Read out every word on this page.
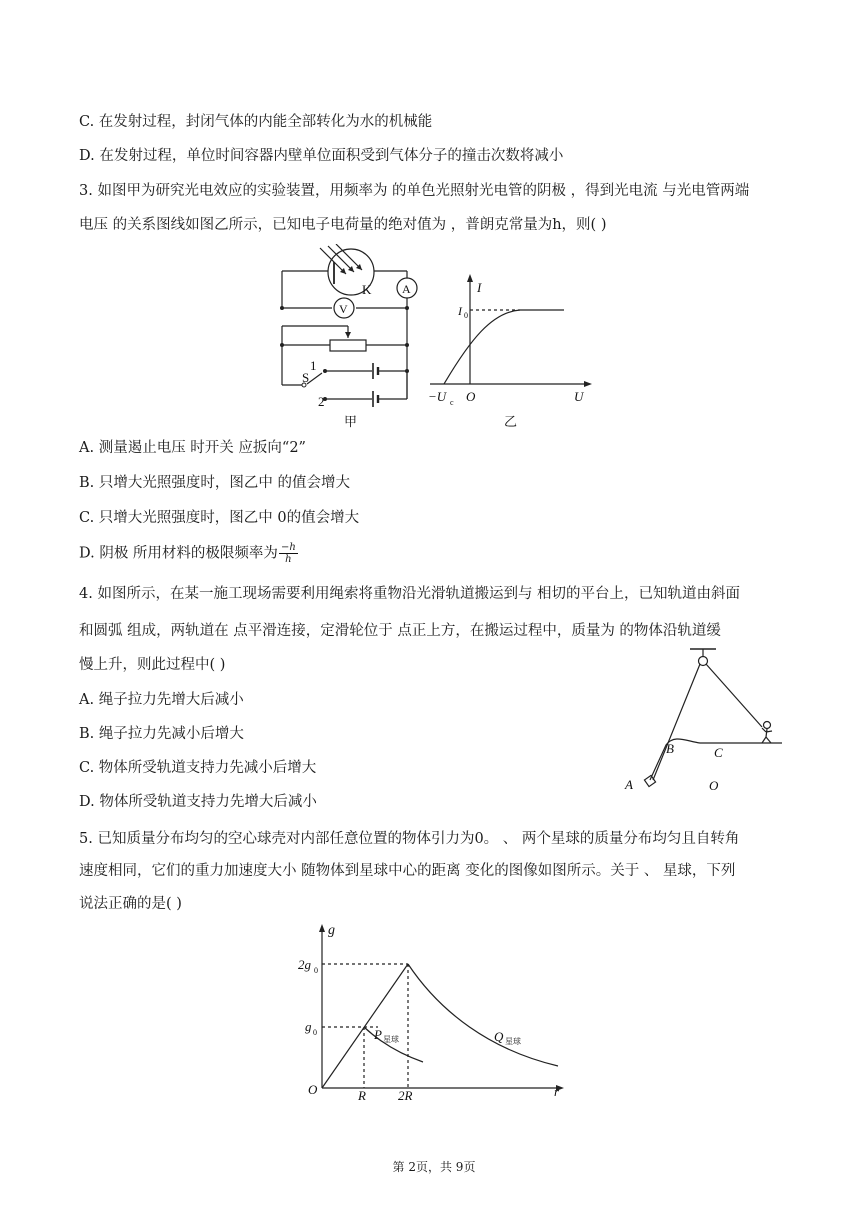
C. 在发射过程，封闭气体的内能全部转化为水的机械能
D. 在发射过程，单位时间容器内壁单位面积受到气体分子的撞击次数将减小
3. 如图甲为研究光电效应的实验装置，用频率为 的单色光照射光电管的阴极 ，得到光电流 与光电管两端
电压 的关系图线如图乙所示，已知电子电荷量的绝对值为 ，普朗克常量为h，则( )
K	A
V
1
S
2
甲
I
I 0
−U c O	U
乙
A. 测量遏止电压 时开关 应扳向“2”
B. 只增大光照强度时，图乙中 的值会增大
C. 只增大光照强度时，图乙中 0的值会增大
D. 阴极 所用材料的极限频率为 $\frac{-h}{h}$
4. 如图所示，在某一施工现场需要利用绳索将重物沿光滑轨道搬运到与 相切的平台上，已知轨道由斜面
和圆弧 组成，两轨道在 点平滑连接，定滑轮位于 点正上方，在搬运过程中，质量为 的物体沿轨道缓
慢上升，则此过程中( )
A. 绳子拉力先增大后减小
B. 绳子拉力先减小后增大
C. 物体所受轨道支持力先减小后增大
D. 物体所受轨道支持力先增大后减小
B	C
A	O
5. 已知质量分布均匀的空心球壳对内部任意位置的物体引力为0。 、 两个星球的质量分布均匀且自转角
速度相同，它们的重力加速度大小 随物体到星球中心的距离 变化的图像如图所示。关于 、 星球，下列
说法正确的是( )
g
2g 0
g 0
O	R 2R	r
P 星球	Q 星球
第 2页，共 9页
